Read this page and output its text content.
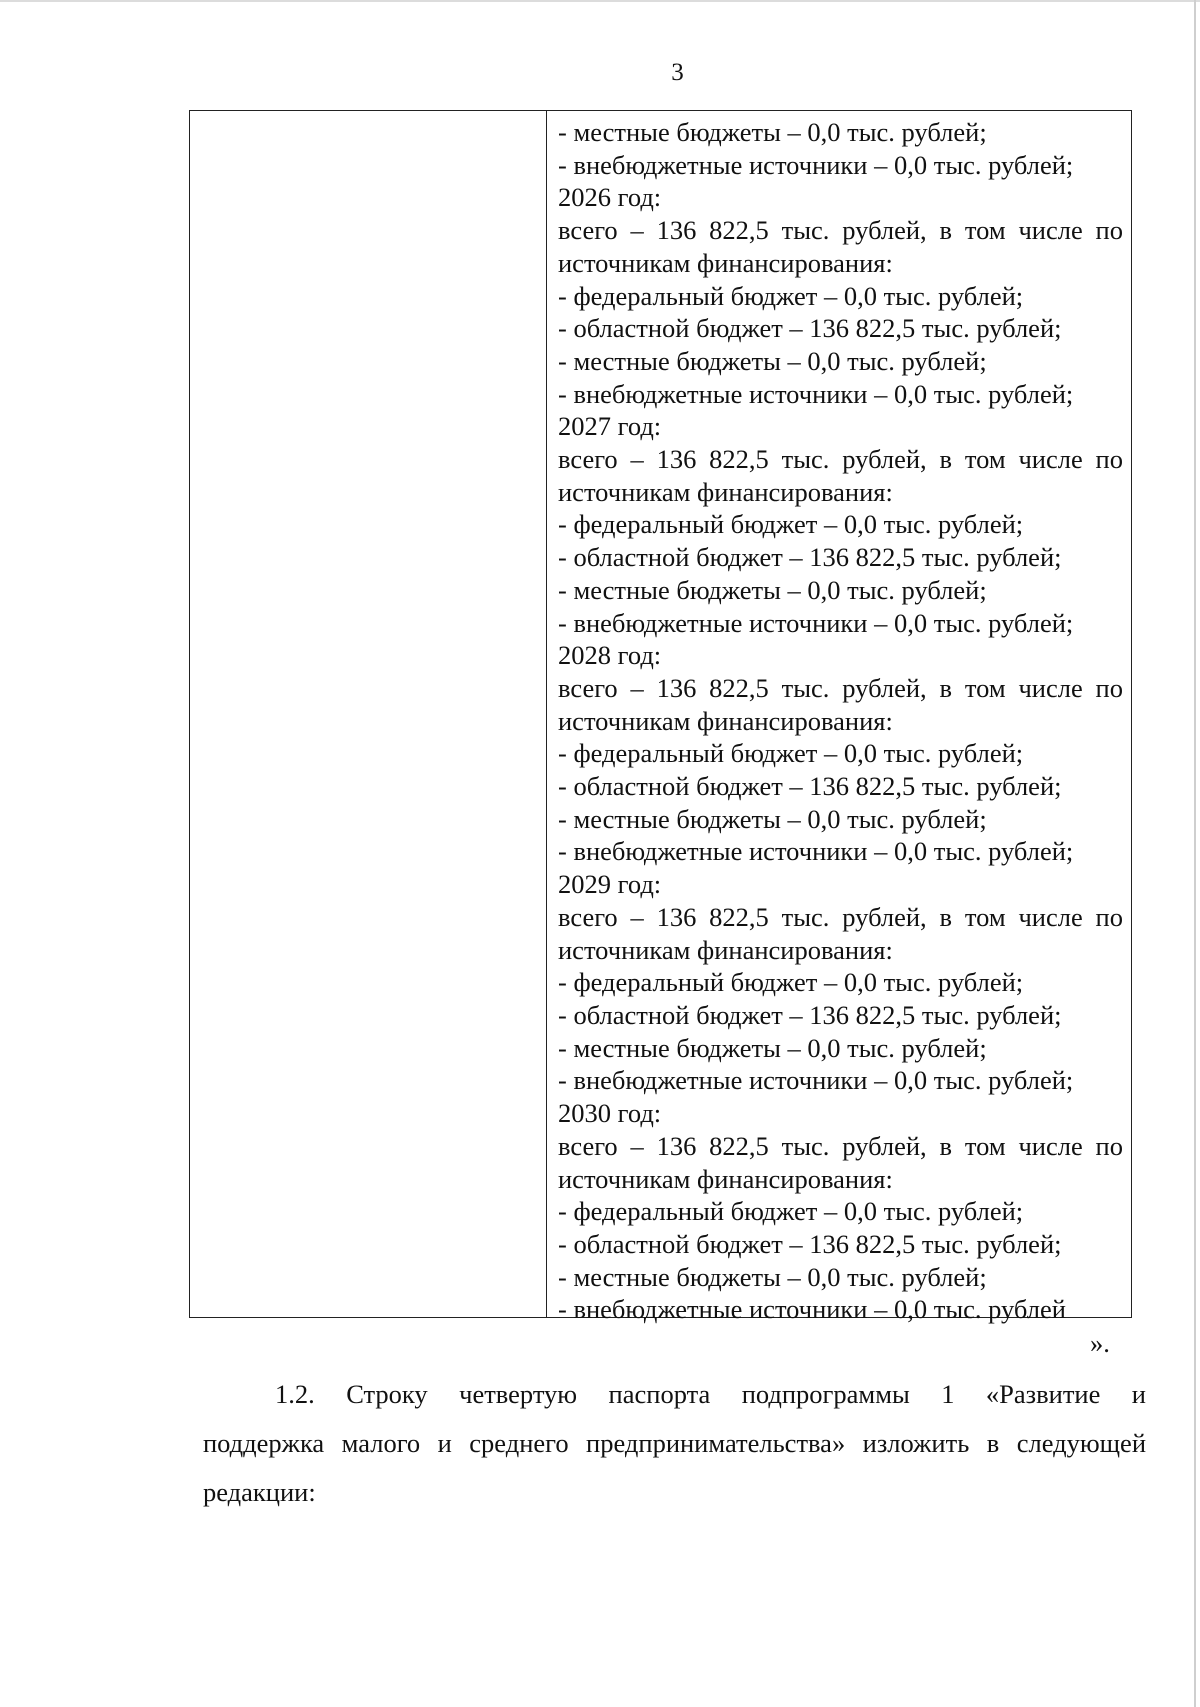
3
- местные бюджеты – 0,0 тыс. рублей;
- внебюджетные источники – 0,0 тыс. рублей;
2026 год:
всего – 136 822,5 тыс. рублей, в том числе по
источникам финансирования:
- федеральный бюджет – 0,0 тыс. рублей;
- областной бюджет – 136 822,5 тыс. рублей;
- местные бюджеты – 0,0 тыс. рублей;
- внебюджетные источники – 0,0 тыс. рублей;
2027 год:
всего – 136 822,5 тыс. рублей, в том числе по
источникам финансирования:
- федеральный бюджет – 0,0 тыс. рублей;
- областной бюджет – 136 822,5 тыс. рублей;
- местные бюджеты – 0,0 тыс. рублей;
- внебюджетные источники – 0,0 тыс. рублей;
2028 год:
всего – 136 822,5 тыс. рублей, в том числе по
источникам финансирования:
- федеральный бюджет – 0,0 тыс. рублей;
- областной бюджет – 136 822,5 тыс. рублей;
- местные бюджеты – 0,0 тыс. рублей;
- внебюджетные источники – 0,0 тыс. рублей;
2029 год:
всего – 136 822,5 тыс. рублей, в том числе по
источникам финансирования:
- федеральный бюджет – 0,0 тыс. рублей;
- областной бюджет – 136 822,5 тыс. рублей;
- местные бюджеты – 0,0 тыс. рублей;
- внебюджетные источники – 0,0 тыс. рублей;
2030 год:
всего – 136 822,5 тыс. рублей, в том числе по
источникам финансирования:
- федеральный бюджет – 0,0 тыс. рублей;
- областной бюджет – 136 822,5 тыс. рублей;
- местные бюджеты – 0,0 тыс. рублей;
- внебюджетные источники – 0,0 тыс. рублей
».
1.2. Строку четвертую паспорта подпрограммы 1 «Развитие и
поддержка малого и среднего предпринимательства» изложить в следующей
редакции:
